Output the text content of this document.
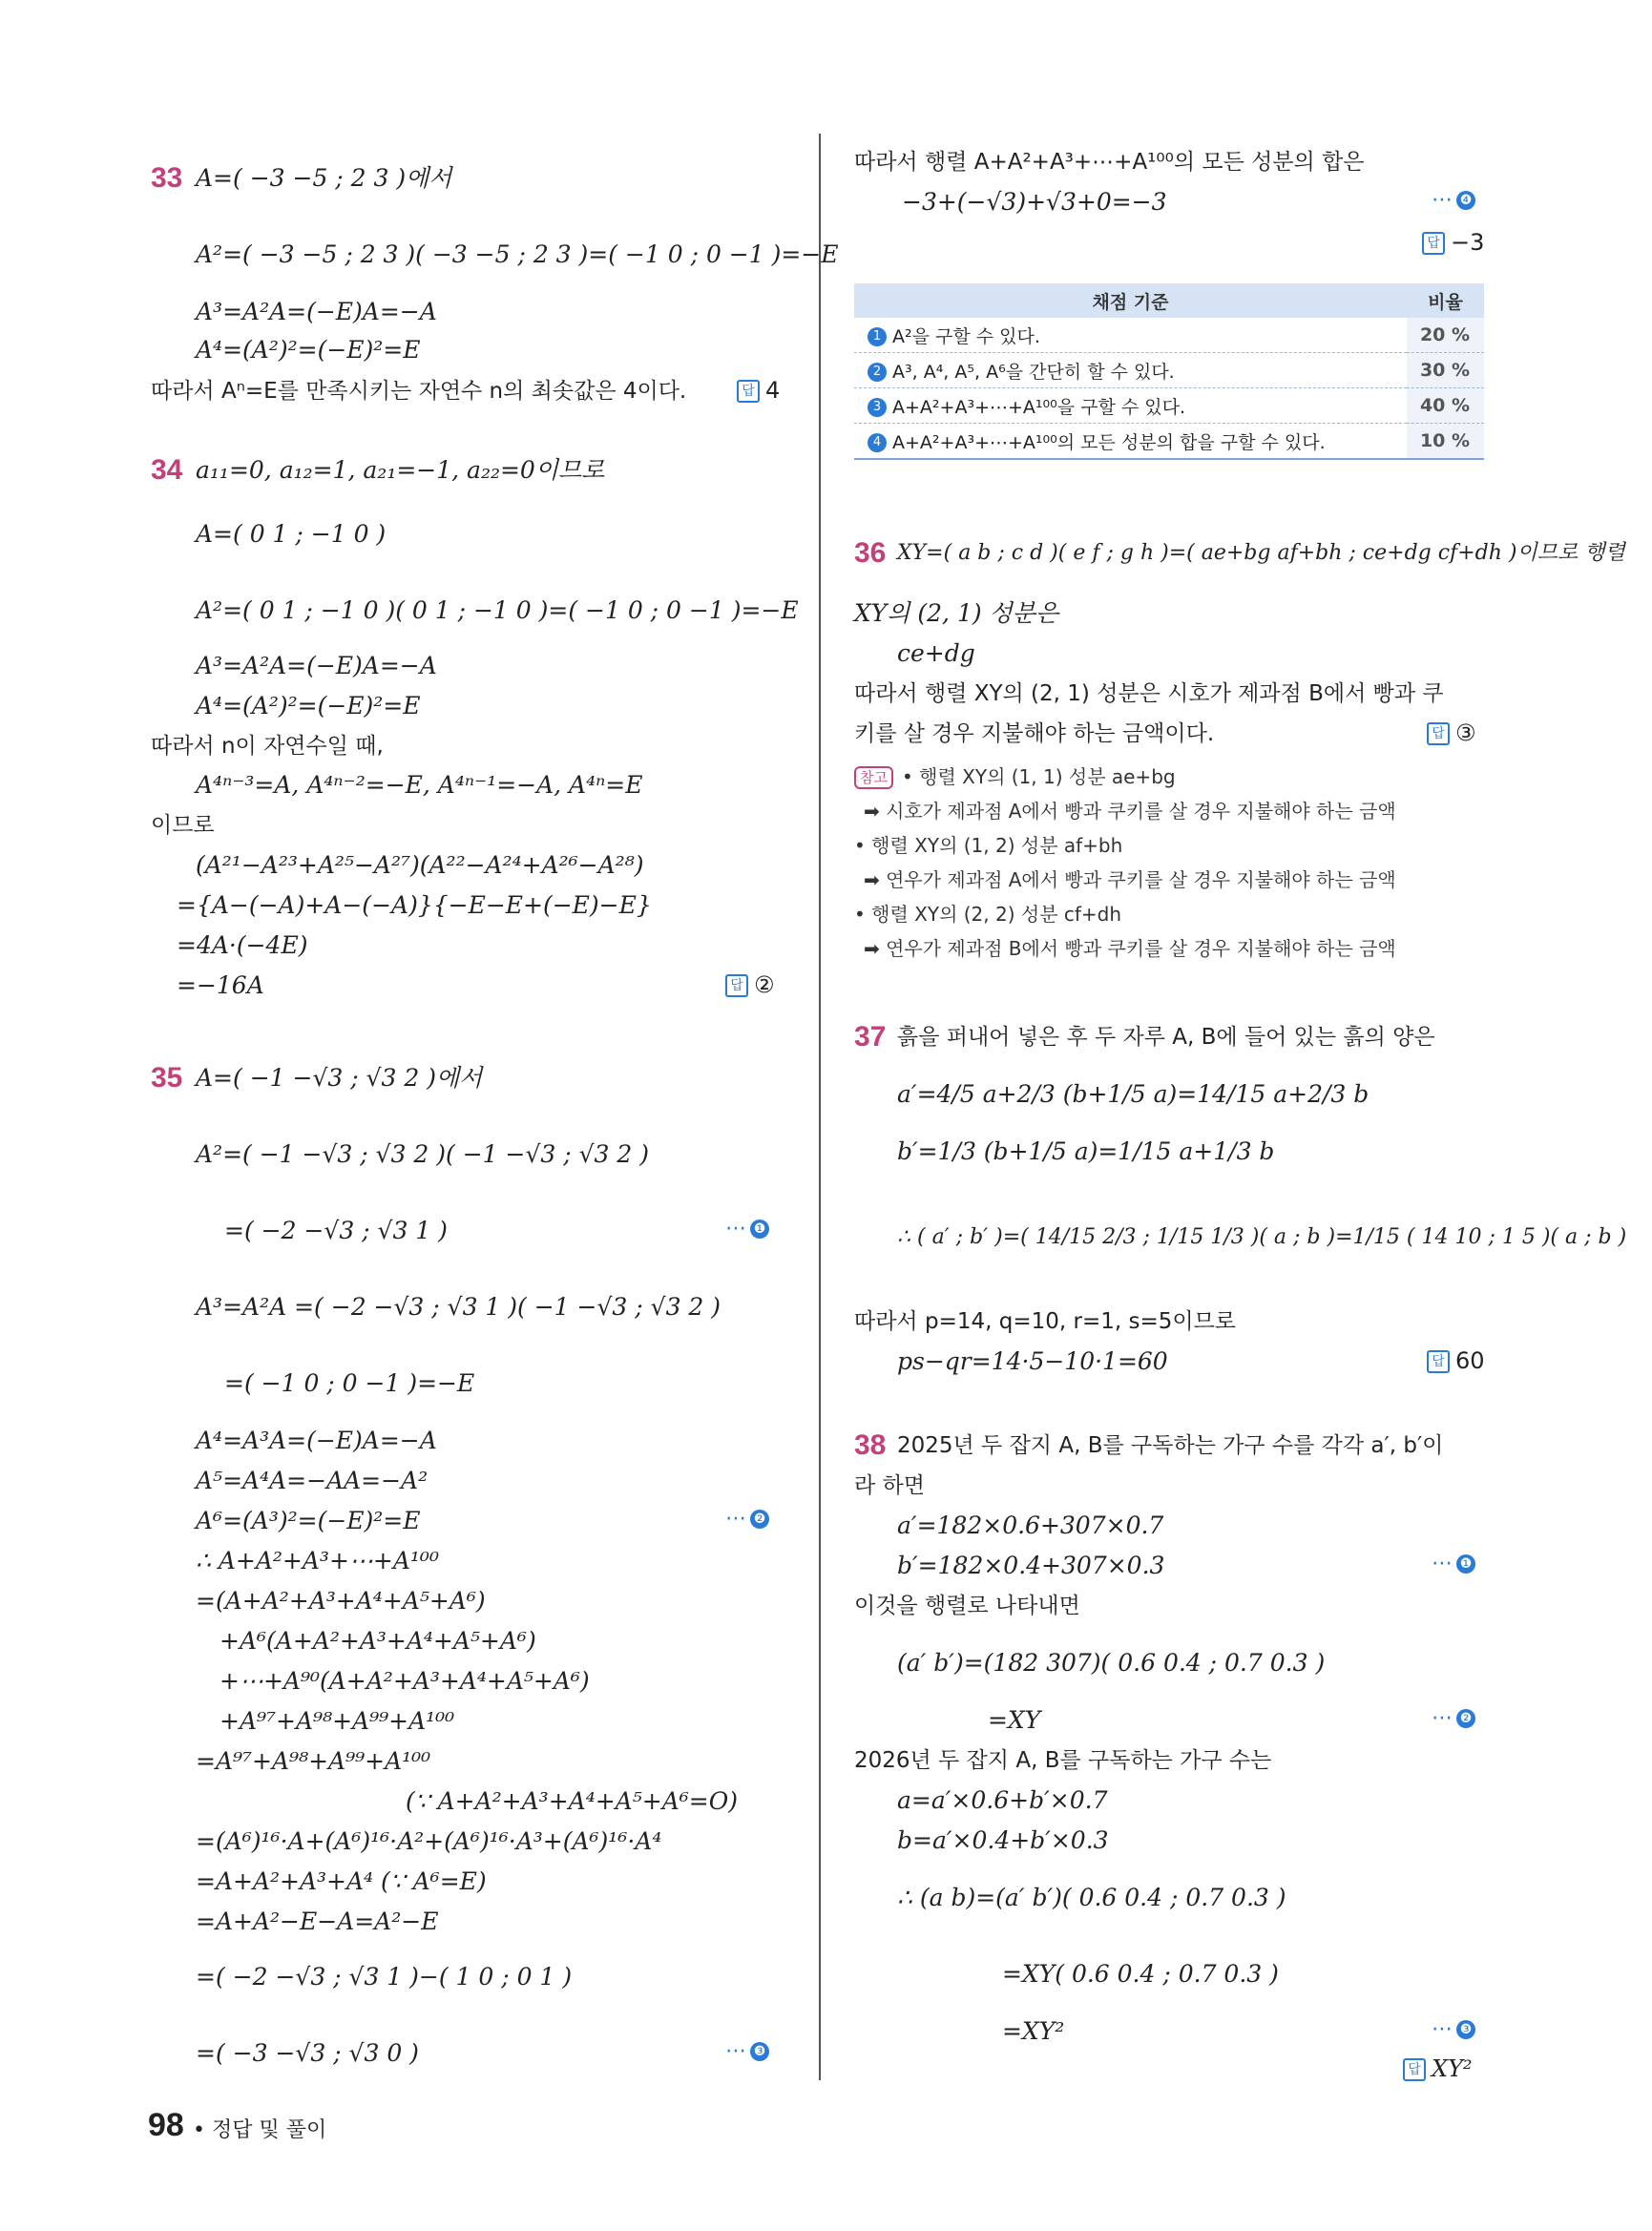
33 A=( −3 −5 ; 2 3 )에서
A²=( −3 −5 ; 2 3 )( −3 −5 ; 2 3 )=( −1 0 ; 0 −1 )=−E
A³=A²A=(−E)A=−A
A⁴=(A²)²=(−E)²=E
따라서 Aⁿ=E를 만족시키는 자연수 n의 최솟값은 4이다.	답 4
34 a₁₁=0, a₁₂=1, a₂₁=−1, a₂₂=0이므로
A=( 0 1 ; −1 0 )
A²=( 0 1 ; −1 0 )( 0 1 ; −1 0 )=( −1 0 ; 0 −1 )=−E
A³=A²A=(−E)A=−A
A⁴=(A²)²=(−E)²=E
따라서 n이 자연수일 때,
A⁴ⁿ⁻³=A, A⁴ⁿ⁻²=−E, A⁴ⁿ⁻¹=−A, A⁴ⁿ=E
이므로
(A²¹−A²³+A²⁵−A²⁷)(A²²−A²⁴+A²⁶−A²⁸)
={A−(−A)+A−(−A)}{−E−E+(−E)−E}
=4A·(−4E)
=−16A	답 ②
35 A=( −1 −√3 ; √3 2 )에서
A²=( −1 −√3 ; √3 2 )( −1 −√3 ; √3 2 )
=( −2 −√3 ; √3 1 )	⋯ ❶
A³=A²A =( −2 −√3 ; √3 1 )( −1 −√3 ; √3 2 )
=( −1 0 ; 0 −1 )=−E
A⁴=A³A=(−E)A=−A
A⁵=A⁴A=−AA=−A²
A⁶=(A³)²=(−E)²=E	⋯ ❷
∴ A+A²+A³+⋯+A¹⁰⁰
=(A+A²+A³+A⁴+A⁵+A⁶)
+A⁶(A+A²+A³+A⁴+A⁵+A⁶)
+⋯+A⁹⁰(A+A²+A³+A⁴+A⁵+A⁶)
+A⁹⁷+A⁹⁸+A⁹⁹+A¹⁰⁰
=A⁹⁷+A⁹⁸+A⁹⁹+A¹⁰⁰
(∵ A+A²+A³+A⁴+A⁵+A⁶=O)
=(A⁶)¹⁶·A+(A⁶)¹⁶·A²+(A⁶)¹⁶·A³+(A⁶)¹⁶·A⁴
=A+A²+A³+A⁴ (∵ A⁶=E)
=A+A²−E−A=A²−E
=( −2 −√3 ; √3 1 )−( 1 0 ; 0 1 )
=( −3 −√3 ; √3 0 )	⋯ ❸
98 • 정답 및 풀이
따라서 행렬 A+A²+A³+⋯+A¹⁰⁰의 모든 성분의 합은
−3+(−√3)+√3+0=−3	⋯ ❹
답 −3
채점 기준	비율
1 A²을 구할 수 있다.	20 %
2 A³, A⁴, A⁵, A⁶을 간단히 할 수 있다.	30 %
3 A+A²+A³+⋯+A¹⁰⁰을 구할 수 있다.	40 %
4 A+A²+A³+⋯+A¹⁰⁰의 모든 성분의 합을 구할 수 있다.	10 %
36 XY=( a b ; c d )( e f ; g h )=( ae+bg af+bh ; ce+dg cf+dh )이므로 행렬
XY의 (2, 1) 성분은
ce+dg
따라서 행렬 XY의 (2, 1) 성분은 시호가 제과점 B에서 빵과 쿠
키를 살 경우 지불해야 하는 금액이다.	답 ③
참고 • 행렬 XY의 (1, 1) 성분 ae+bg
➡ 시호가 제과점 A에서 빵과 쿠키를 살 경우 지불해야 하는 금액
• 행렬 XY의 (1, 2) 성분 af+bh
➡ 연우가 제과점 A에서 빵과 쿠키를 살 경우 지불해야 하는 금액
• 행렬 XY의 (2, 2) 성분 cf+dh
➡ 연우가 제과점 B에서 빵과 쿠키를 살 경우 지불해야 하는 금액
37 흙을 퍼내어 넣은 후 두 자루 A, B에 들어 있는 흙의 양은
a′=4/5 a+2/3 (b+1/5 a)=14/15 a+2/3 b
b′=1/3 (b+1/5 a)=1/15 a+1/3 b
∴ ( a′ ; b′ )=( 14/15 2/3 ; 1/15 1/3 )( a ; b )=1/15 ( 14 10 ; 1 5 )( a ; b )
따라서 p=14, q=10, r=1, s=5이므로
ps−qr=14·5−10·1=60	답 60
38 2025년 두 잡지 A, B를 구독하는 가구 수를 각각 a′, b′이
라 하면
a′=182×0.6+307×0.7
b′=182×0.4+307×0.3	⋯ ❶
이것을 행렬로 나타내면
(a′ b′)=(182 307)( 0.6 0.4 ; 0.7 0.3 )
=XY	⋯ ❷
2026년 두 잡지 A, B를 구독하는 가구 수는
a=a′×0.6+b′×0.7
b=a′×0.4+b′×0.3
∴ (a b)=(a′ b′)( 0.6 0.4 ; 0.7 0.3 )
=XY( 0.6 0.4 ; 0.7 0.3 )
=XY²	⋯ ❸
답 XY²
